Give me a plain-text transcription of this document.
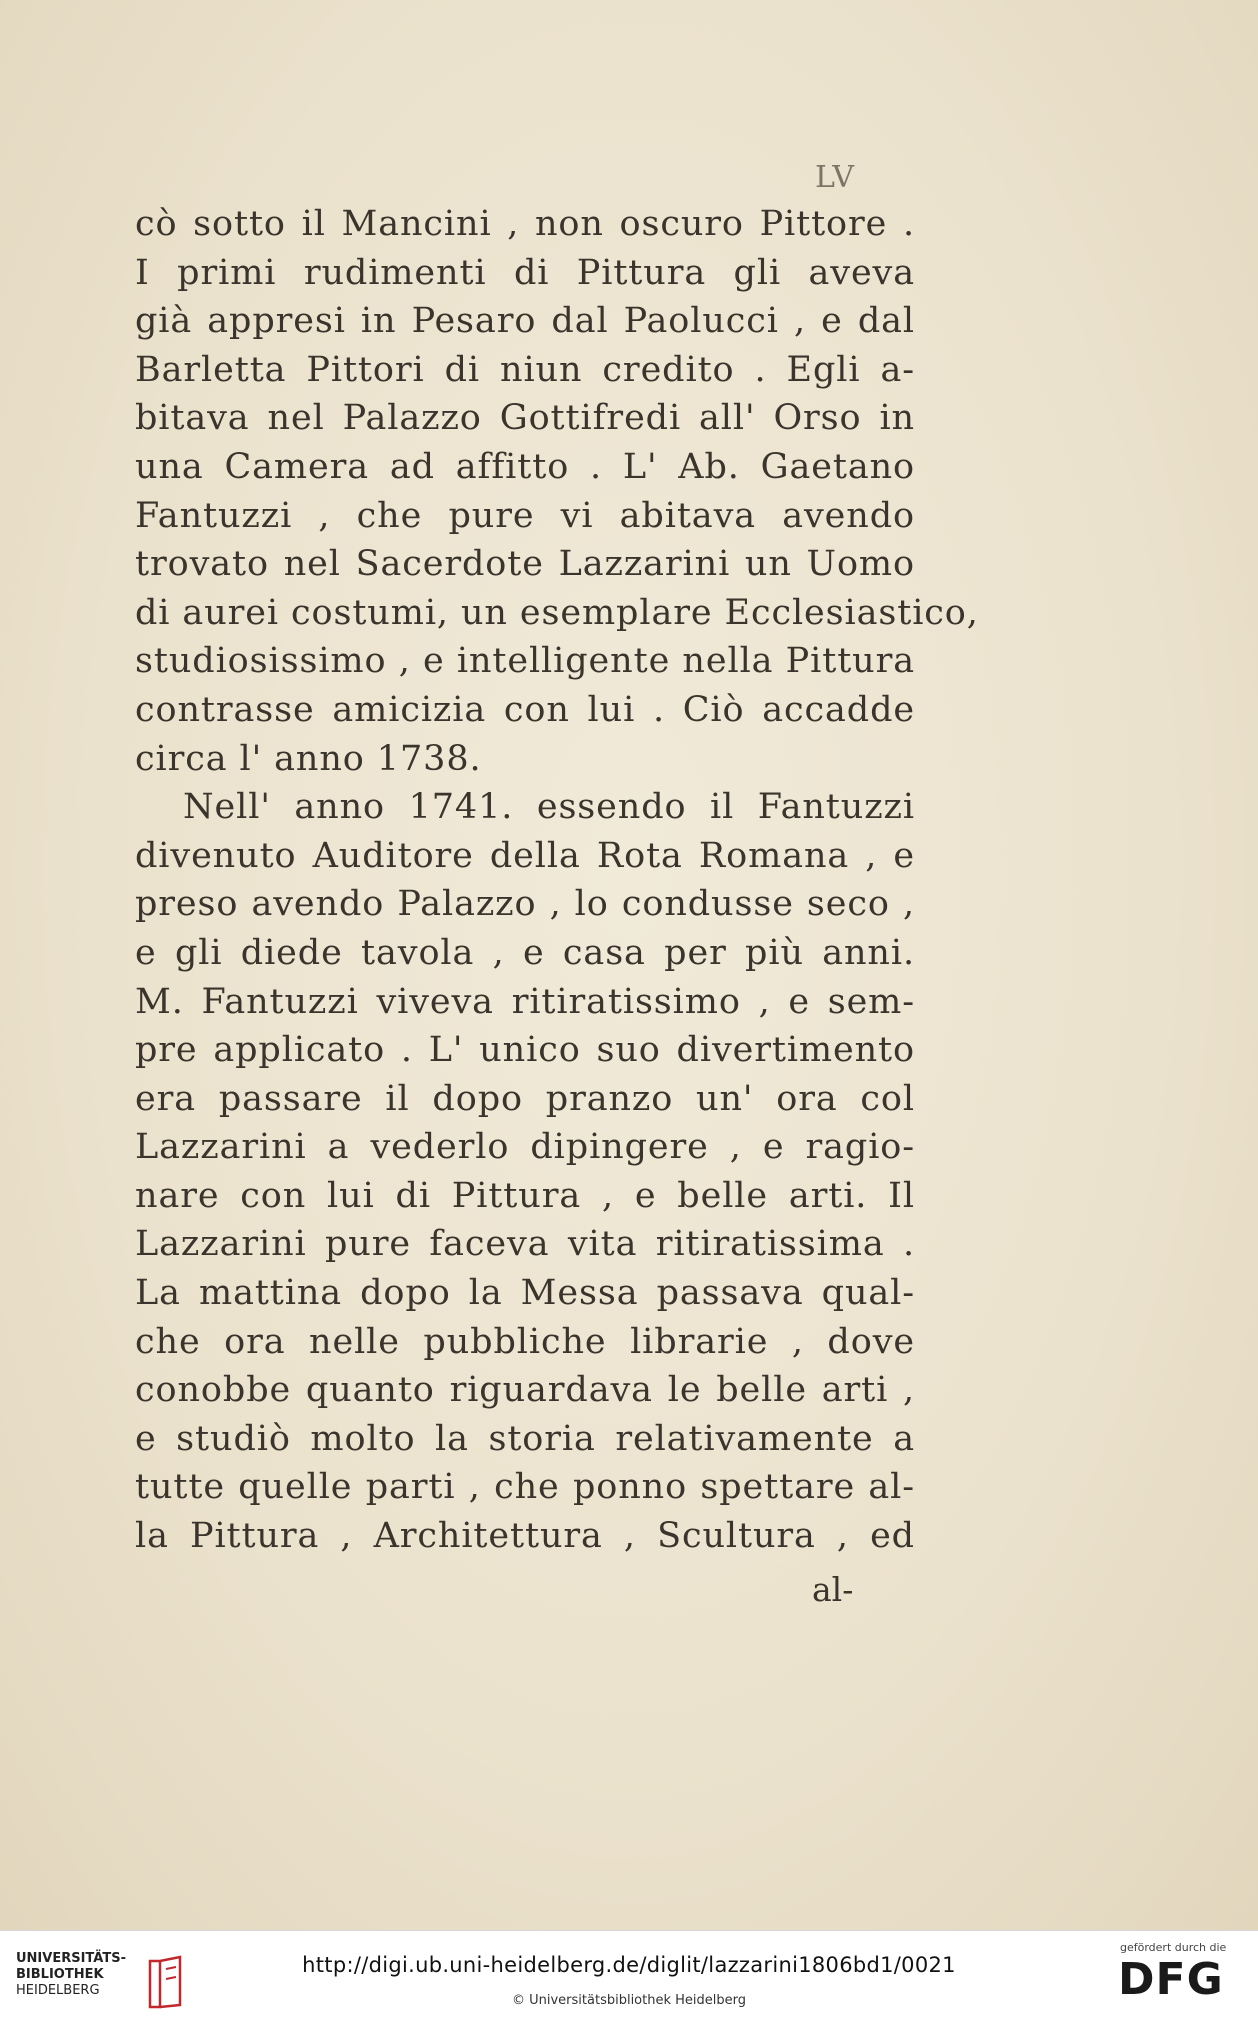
LV
cò sotto il Mancini , non oscuro Pittore .
I primi rudimenti di Pittura gli aveva
già appresi in Pesaro dal Paolucci , e dal
Barletta Pittori di niun credito . Egli a-
bitava nel Palazzo Gottifredi all' Orso in
una Camera ad affitto . L' Ab. Gaetano
Fantuzzi , che pure vi abitava avendo
trovato nel Sacerdote Lazzarini un Uomo
di aurei costumi, un esemplare Ecclesiastico,
studiosissimo , e intelligente nella Pittura
contrasse amicizia con lui . Ciò accadde
circa l' anno 1738.
Nell' anno 1741. essendo il Fantuzzi
divenuto Auditore della Rota Romana , e
preso avendo Palazzo , lo condusse seco ,
e gli diede tavola , e casa per più anni.
M. Fantuzzi viveva ritiratissimo , e sem-
pre applicato . L' unico suo divertimento
era passare il dopo pranzo un' ora col
Lazzarini a vederlo dipingere , e ragio-
nare con lui di Pittura , e belle arti. Il
Lazzarini pure faceva vita ritiratissima .
La mattina dopo la Messa passava qual-
che ora nelle pubbliche librarie , dove
conobbe quanto riguardava le belle arti ,
e studiò molto la storia relativamente a
tutte quelle parti , che ponno spettare al-
la Pittura , Architettura , Scultura , ed
al-
UNIVERSITÄTS-
BIBLIOTHEK
HEIDELBERG
http://digi.ub.uni-heidelberg.de/diglit/lazzarini1806bd1/0021
© Universitätsbibliothek Heidelberg
gefördert durch die
DFG
